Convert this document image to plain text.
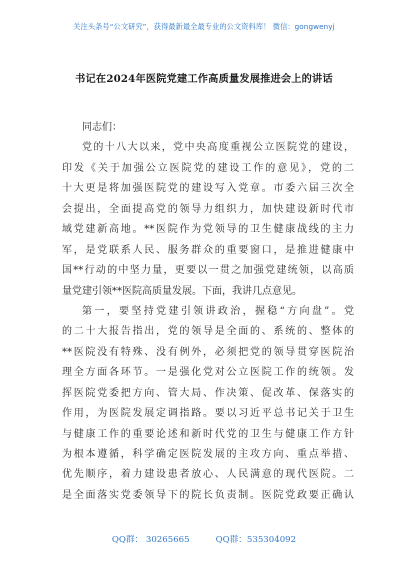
关注头条号“公文研究”，获得最新最全最专业的公文资料库！ 微信：gongwenyj
书记在2024年医院党建工作高质量发展推进会上的讲话
同志们：
党的十八大以来，党中央高度重视公立医院党的建设，
印发《关于加强公立医院党的建设工作的意见》，党的二
十大更是将加强医院党的建设写入党章。市委六届三次全
会提出，全面提高党的领导力组织力，加快建设新时代市
域党建新高地。**医院作为党领导的卫生健康战线的主力
军，是党联系人民、服务群众的重要窗口，是推进健康中
国**行动的中坚力量，更要以一贯之加强党建统领，以高质
量党建引领**医院高质量发展。下面，我讲几点意见。
第一，要坚持党建引领讲政治，握稳“方向盘”。党
的二十大报告指出，党的领导是全面的、系统的、整体的
**医院没有特殊、没有例外，必须把党的领导贯穿医院治
理全方面各环节。一是强化党对公立医院工作的统领。发
挥医院党委把方向、管大局、作决策、促改革、保落实的
作用，为医院发展定调指路。要以习近平总书记关于卫生
与健康工作的重要论述和新时代党的卫生与健康工作方针
为根本遵循，科学确定医院发展的主攻方向、重点举措、
优先顺序，着力建设患者放心、人民满意的现代医院。二
是全面落实党委领导下的院长负责制。医院党政要正确认
QQ群： 30265665	QQ群：535304092
